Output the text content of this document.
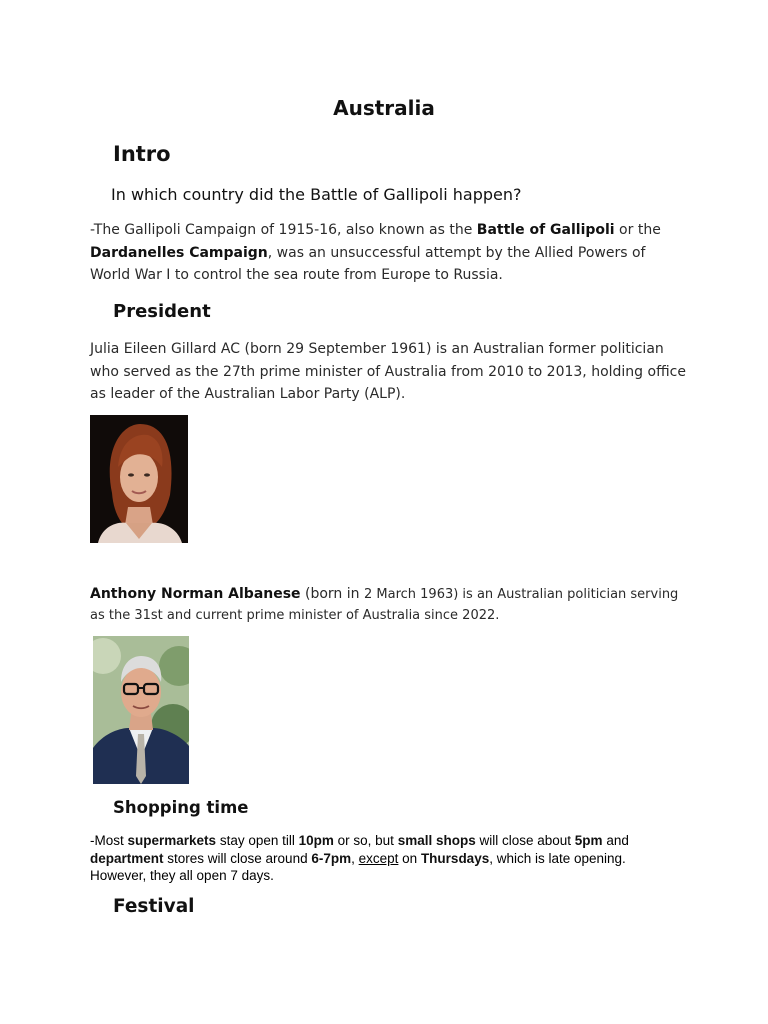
Australia
Intro
In which country did the Battle of Gallipoli happen?

-The Gallipoli Campaign of 1915-16, also known as the Battle of Gallipoli or the Dardanelles Campaign, was an unsuccessful attempt by the Allied Powers of World War I to control the sea route from Europe to Russia.

President

Julia Eileen Gillard AC (born 29 September 1961) is an Australian former politician who served as the 27th prime minister of Australia from 2010 to 2013, holding office as leader of the Australian Labor Party (ALP).

Anthony Norman Albanese (born in 2 March 1963) is an Australian politician serving as the 31st and current prime minister of Australia since 2022.

Shopping time

-Most supermarkets stay open till 10pm or so, but small shops will close about 5pm and department stores will close around 6-7pm, except on Thursdays, which is late opening. However, they all open 7 days.

Festival
